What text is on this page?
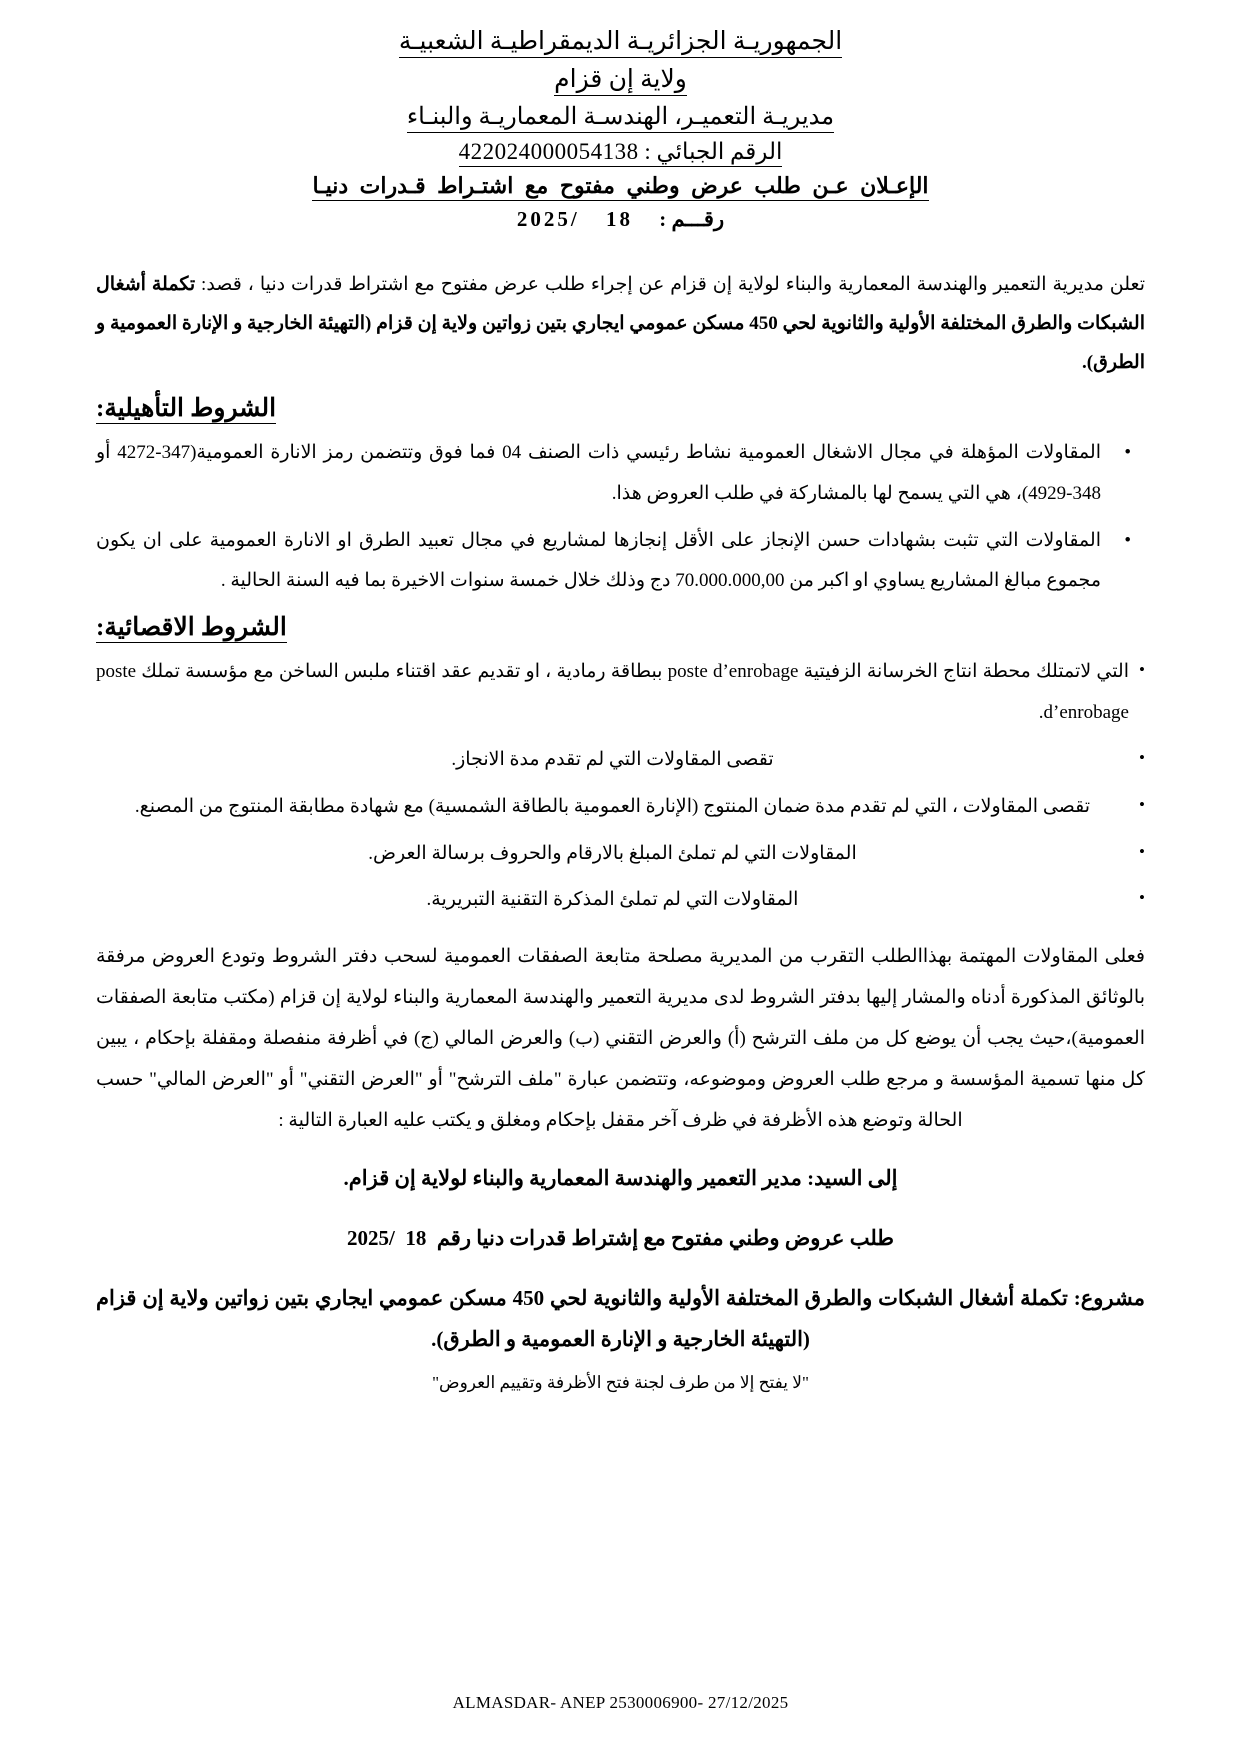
الجمهوريـة الجزائريـة الديمقراطيـة الشعبيـة
ولاية إن قزام
مديريـة التعميـر، الهندسـة المعماريـة والبنـاء
الرقم الجبائي : 422024000054138
الإعـلان عـن طلب عرض وطني مفتوح مع اشتـراط قـدرات دنيـا
رقـــم :     18     2025/
تعلن مديرية التعمير والهندسة المعمارية والبناء لولاية إن قزام عن إجراء طلب عرض مفتوح مع اشتراط قدرات دنيا ، قصد: تكملة أشغال الشبكات والطرق المختلفة الأولية والثانوية لحي 450 مسكن عمومي ايجاري بتين زواتين ولاية إن قزام (التهيئة الخارجية و الإنارة العمومية و الطرق).
الشروط التأهيلية:
• المقاولات المؤهلة في مجال الاشغال العمومية نشاط رئيسي ذات الصنف 04 فما فوق وتتضمن رمز الانارة العمومية(347-4272 أو 348-4929)، هي التي يسمح لها بالمشاركة في طلب العروض هذا.
• المقاولات التي تثبت بشهادات حسن الإنجاز على الأقل إنجازها لمشاريع في مجال تعبيد الطرق او الانارة العمومية على ان يكون مجموع مبالغ المشاريع يساوي او اكبر من 70.000.000,00 دج وذلك خلال خمسة سنوات الاخيرة بما فيه السنة الحالية .
الشروط الاقصائية:
• التي لاتمتلك محطة انتاج الخرسانة الزفيتية poste d’enrobage ببطاقة رمادية ، او تقديم عقد اقتناء ملبس الساخن مع مؤسسة تملك poste d’enrobage.
• تقصى المقاولات التي لم تقدم مدة الانجاز.
• تقصى المقاولات ، التي لم تقدم مدة ضمان المنتوج (الإنارة العمومية بالطاقة الشمسية) مع شهادة مطابقة المنتوج من المصنع.
• المقاولات التي لم تملئ المبلغ بالارقام والحروف برسالة العرض.
• المقاولات التي لم تملئ المذكرة التقنية التبريرية.
فعلى المقاولات المهتمة بهذاالطلب التقرب من المديرية مصلحة متابعة الصفقات العمومية لسحب دفتر الشروط وتودع العروض مرفقة بالوثائق المذكورة أدناه والمشار إليها بدفتر الشروط لدى مديرية التعمير والهندسة المعمارية والبناء لولاية إن قزام (مكتب متابعة الصفقات العمومية)،حيث يجب أن يوضع كل من ملف الترشح (أ) والعرض التقني (ب) والعرض المالي (ج) في أظرفة منفصلة ومقفلة بإحكام ، يبين كل منها تسمية المؤسسة و مرجع طلب العروض وموضوعه، وتتضمن عبارة "ملف الترشح" أو "العرض التقني" أو "العرض المالي" حسب الحالة وتوضع هذه الأظرفة في ظرف آخر مقفل بإحكام ومغلق و يكتب عليه العبارة التالية :
إلى السيد: مدير التعمير والهندسة المعمارية والبناء لولاية إن قزام.
طلب عروض وطني مفتوح مع إشتراط قدرات دنيا رقم  18  2025/
مشروع: تكملة أشغال الشبكات والطرق المختلفة الأولية والثانوية لحي 450 مسكن عمومي ايجاري بتين زواتين ولاية إن قزام (التهيئة الخارجية و الإنارة العمومية و الطرق).
"لا يفتح إلا من طرف لجنة فتح الأظرفة وتقييم العروض"
ALMASDAR- ANEP 2530006900- 27/12/2025
